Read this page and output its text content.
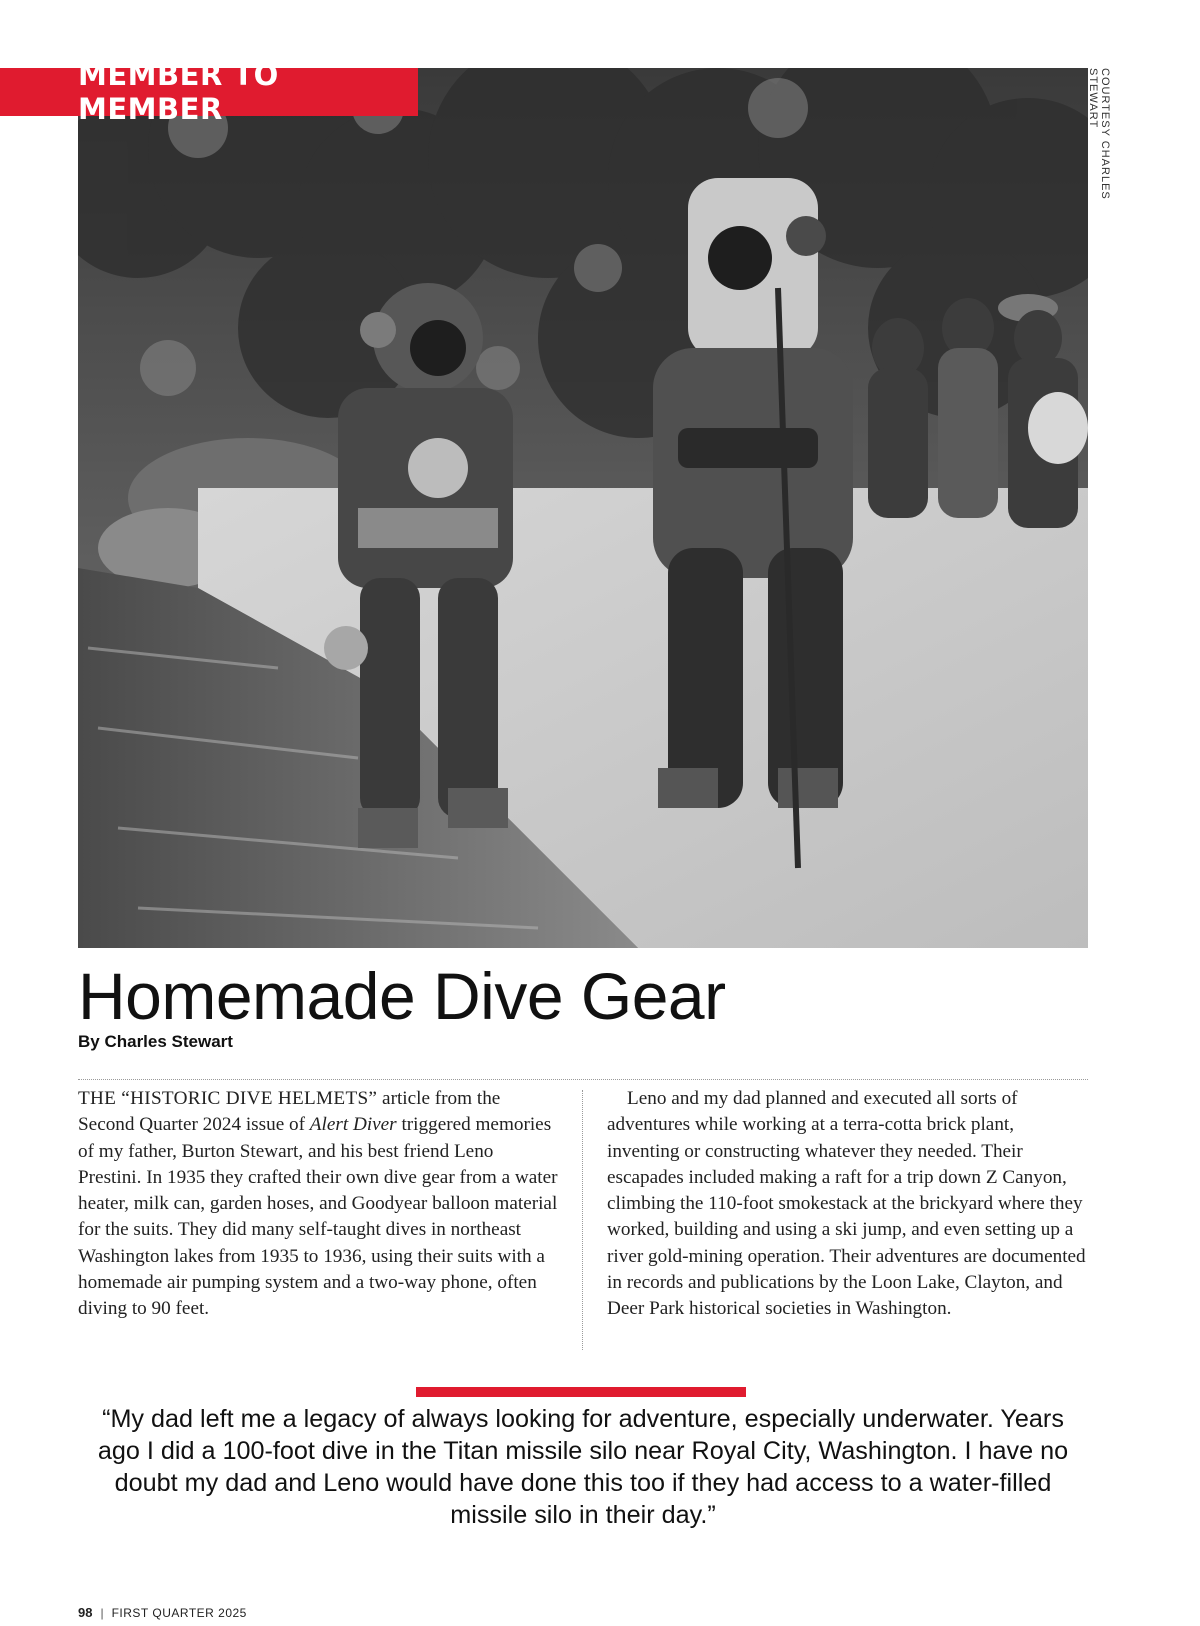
MEMBER TO MEMBER	COURTESY CHARLES STEWART
Homemade Dive Gear
By Charles Stewart

THE “HISTORIC DIVE HELMETS” article from the Second Quarter 2024 issue of Alert Diver triggered memories of my father, Burton Stewart, and his best friend Leno Prestini. In 1935 they crafted their own dive gear from a water heater, milk can, garden hoses, and Goodyear balloon material for the suits. They did many self-taught dives in northeast Washington lakes from 1935 to 1936, using their suits with a homemade air pumping system and a two-way phone, often diving to 90 feet.

Leno and my dad planned and executed all sorts of adventures while working at a terra-cotta brick plant, inventing or constructing whatever they needed. Their escapades included making a raft for a trip down Z Canyon, climbing the 110-foot smokestack at the brickyard where they worked, building and using a ski jump, and even setting up a river gold-mining operation. Their adventures are documented in records and publications by the Loon Lake, Clayton, and Deer Park historical societies in Washington.

“My dad left me a legacy of always looking for adventure, especially underwater. Years ago I did a 100-foot dive in the Titan missile silo near Royal City, Washington. I have no doubt my dad and Leno would have done this too if they had access to a water-filled missile silo in their day.”

98 | FIRST QUARTER 2025
